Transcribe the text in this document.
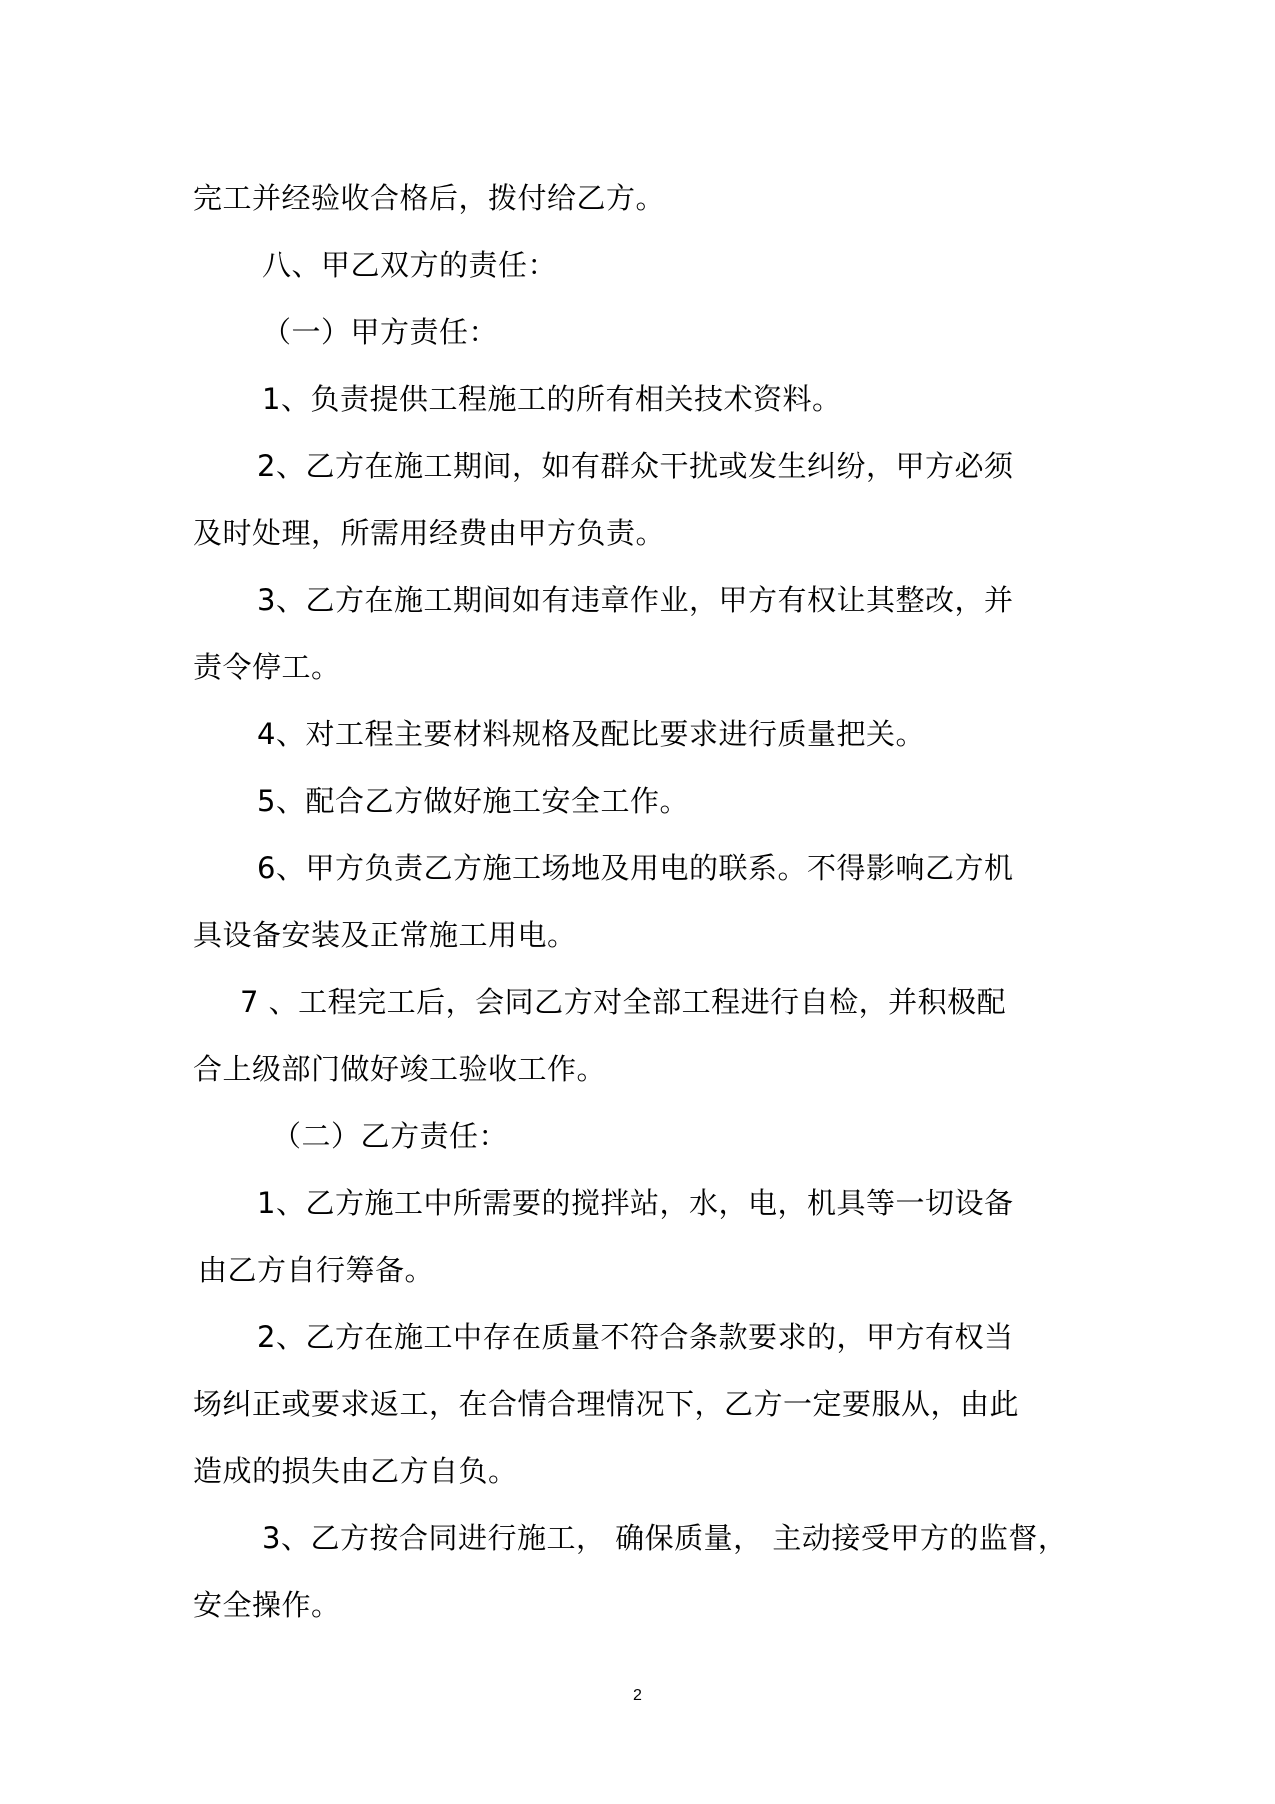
完工并经验收合格后，拨付给乙方。
八、甲乙双方的责任：
（一）甲方责任：
1、负责提供工程施工的所有相关技术资料。
2、乙方在施工期间，如有群众干扰或发生纠纷，甲方必须
及时处理，所需用经费由甲方负责。
3、乙方在施工期间如有违章作业，甲方有权让其整改，并
责令停工。
4、对工程主要材料规格及配比要求进行质量把关。
5、配合乙方做好施工安全工作。
6、甲方负责乙方施工场地及用电的联系。不得影响乙方机
具设备安装及正常施工用电。
7 、工程完工后，会同乙方对全部工程进行自检，并积极配
合上级部门做好竣工验收工作。
（二）乙方责任：
1、乙方施工中所需要的搅拌站，水，电，机具等一切设备
由乙方自行筹备。
2、乙方在施工中存在质量不符合条款要求的，甲方有权当
场纠正或要求返工，在合情合理情况下，乙方一定要服从，由此
造成的损失由乙方自负。
3、乙方按合同进行施工， 确保质量， 主动接受甲方的监督，
安全操作。
2
